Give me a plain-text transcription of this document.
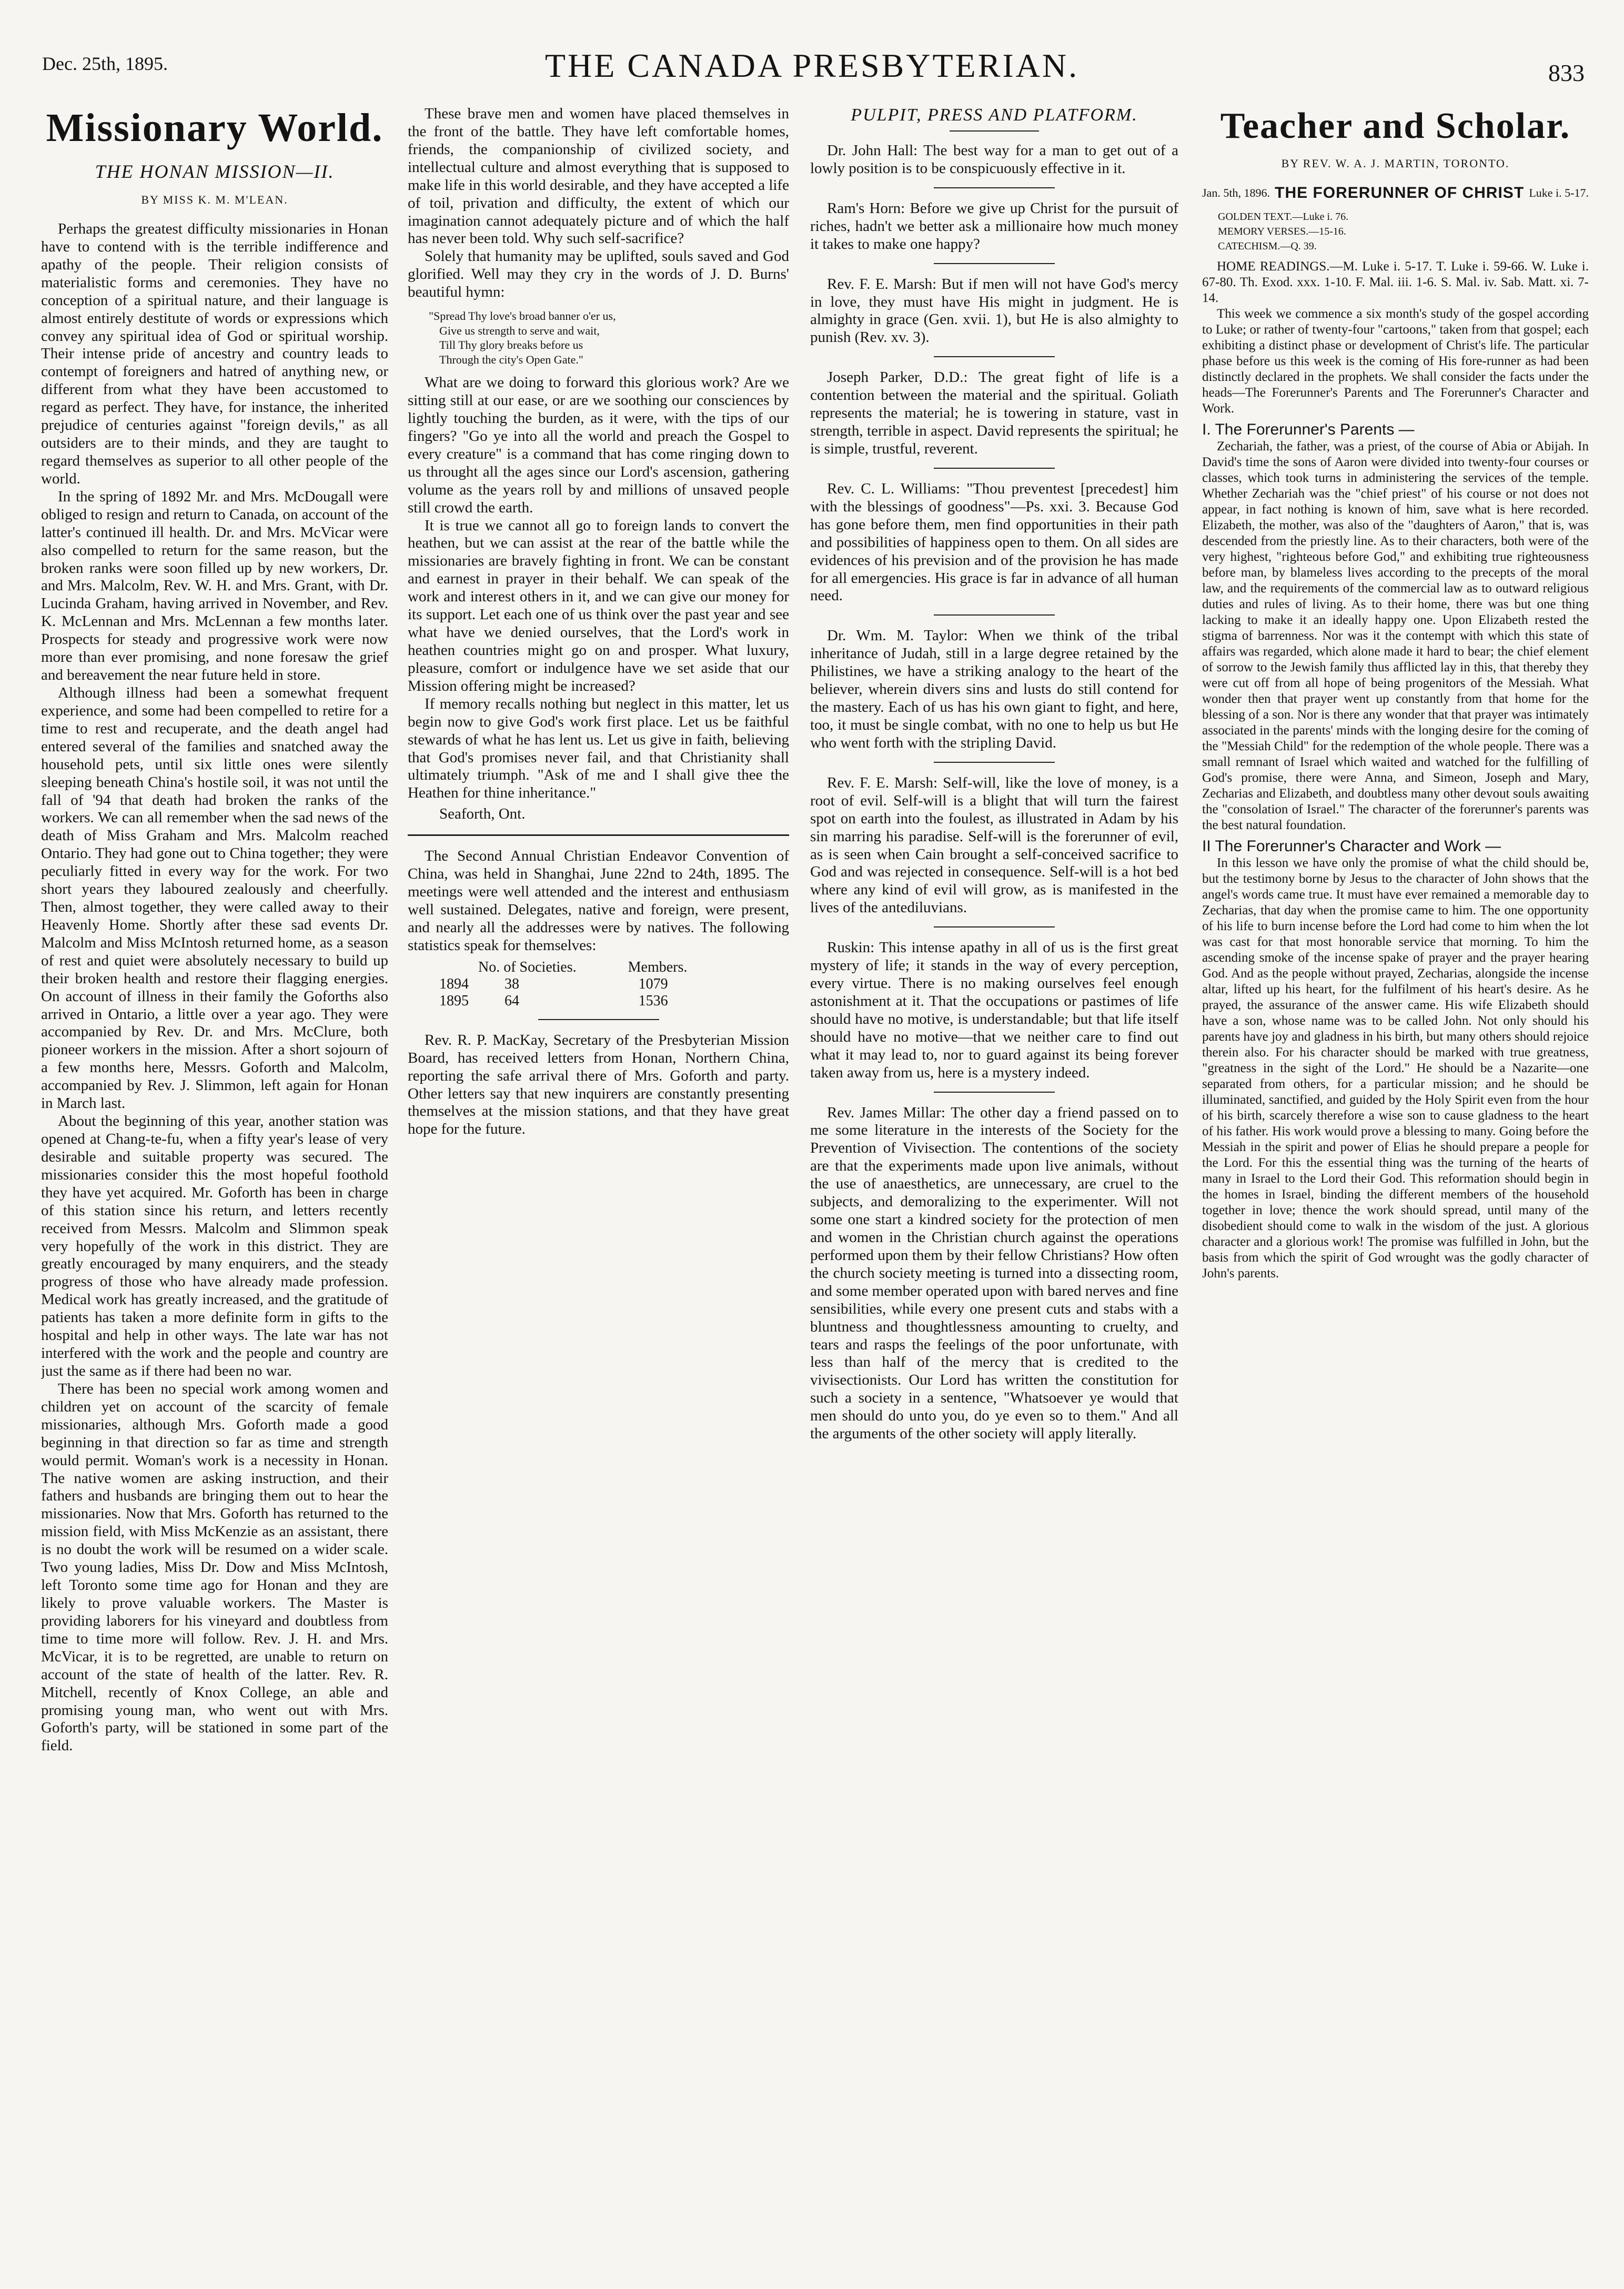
Dec. 25th, 1895.	THE CANADA PRESBYTERIAN.	833
Missionary World.
THE HONAN MISSION—II.
BY MISS K. M. M'LEAN.

Perhaps the greatest difficulty missionaries in Honan have to contend with is the terrible indifference and apathy of the people. Their religion consists of materialistic forms and ceremonies. They have no conception of a spiritual nature, and their language is almost entirely destitute of words or expressions which convey any spiritual idea of God or spiritual worship. Their intense pride of ancestry and country leads to contempt of foreigners and hatred of anything new, or different from what they have been accustomed to regard as perfect. They have, for instance, the inherited prejudice of centuries against "foreign devils," as all outsiders are to their minds, and they are taught to regard themselves as superior to all other people of the world.

In the spring of 1892 Mr. and Mrs. McDougall were obliged to resign and return to Canada, on account of the latter's continued ill health. Dr. and Mrs. McVicar were also compelled to return for the same reason, but the broken ranks were soon filled up by new workers, Dr. and Mrs. Malcolm, Rev. W. H. and Mrs. Grant, with Dr. Lucinda Graham, having arrived in November, and Rev. K. McLennan and Mrs. McLennan a few months later. Prospects for steady and progressive work were now more than ever promising, and none foresaw the grief and bereavement the near future held in store.

Although illness had been a somewhat frequent experience, and some had been compelled to retire for a time to rest and recuperate, and the death angel had entered several of the families and snatched away the household pets, until six little ones were silently sleeping beneath China's hostile soil, it was not until the fall of '94 that death had broken the ranks of the workers. We can all remember when the sad news of the death of Miss Graham and Mrs. Malcolm reached Ontario. They had gone out to China together; they were peculiarly fitted in every way for the work. For two short years they laboured zealously and cheerfully. Then, almost together, they were called away to their Heavenly Home. Shortly after these sad events Dr. Malcolm and Miss McIntosh returned home, as a season of rest and quiet were absolutely necessary to build up their broken health and restore their flagging energies. On account of illness in their family the Goforths also arrived in Ontario, a little over a year ago. They were accompanied by Rev. Dr. and Mrs. McClure, both pioneer workers in the mission. After a short sojourn of a few months here, Messrs. Goforth and Malcolm, accompanied by Rev. J. Slimmon, left again for Honan in March last.

About the beginning of this year, another station was opened at Chang-te-fu, when a fifty year's lease of very desirable and suitable property was secured. The missionaries consider this the most hopeful foothold they have yet acquired. Mr. Goforth has been in charge of this station since his return, and letters recently received from Messrs. Malcolm and Slimmon speak very hopefully of the work in this district. They are greatly encouraged by many enquirers, and the steady progress of those who have already made profession. Medical work has greatly increased, and the gratitude of patients has taken a more definite form in gifts to the hospital and help in other ways. The late war has not interfered with the work and the people and country are just the same as if there had been no war.

There has been no special work among women and children yet on account of the scarcity of female missionaries, although Mrs. Goforth made a good beginning in that direction so far as time and strength would permit. Woman's work is a necessity in Honan. The native women are asking instruction, and their fathers and husbands are bringing them out to hear the missionaries. Now that Mrs. Goforth has returned to the mission field, with Miss McKenzie as an assistant, there is no doubt the work will be resumed on a wider scale. Two young ladies, Miss Dr. Dow and Miss McIntosh, left Toronto some time ago for Honan and they are likely to prove valuable workers. The Master is providing laborers for his vineyard and doubtless from time to time more will follow. Rev. J. H. and Mrs. McVicar, it is to be regretted, are unable to return on account of the state of health of the latter. Rev. R. Mitchell, recently of Knox College, an able and promising young man, who went out with Mrs. Goforth's party, will be stationed in some part of the field.

These brave men and women have placed themselves in the front of the battle. They have left comfortable homes, friends, the companionship of civilized society, and intellectual culture and almost everything that is supposed to make life in this world desirable, and they have accepted a life of toil, privation and difficulty, the extent of which our imagination cannot adequately picture and of which the half has never been told. Why such self-sacrifice?

Solely that humanity may be uplifted, souls saved and God glorified. Well may they cry in the words of J. D. Burns' beautiful hymn:

"Spread Thy love's broad banner o'er us,
Give us strength to serve and wait,
Till Thy glory breaks before us
Through the city's Open Gate."

What are we doing to forward this glorious work? Are we sitting still at our ease, or are we soothing our consciences by lightly touching the burden, as it were, with the tips of our fingers? "Go ye into all the world and preach the Gospel to every creature" is a command that has come ringing down to us throught all the ages since our Lord's ascension, gathering volume as the years roll by and millions of unsaved people still crowd the earth.

It is true we cannot all go to foreign lands to convert the heathen, but we can assist at the rear of the battle while the missionaries are bravely fighting in front. We can be constant and earnest in prayer in their behalf. We can speak of the work and interest others in it, and we can give our money for its support. Let each one of us think over the past year and see what have we denied ourselves, that the Lord's work in heathen countries might go on and prosper. What luxury, pleasure, comfort or indulgence have we set aside that our Mission offering might be increased?

If memory recalls nothing but neglect in this matter, let us begin now to give God's work first place. Let us be faithful stewards of what he has lent us. Let us give in faith, believing that God's promises never fail, and that Christianity shall ultimately triumph. "Ask of me and I shall give thee the Heathen for thine inheritance."

Seaforth, Ont.

The Second Annual Christian Endeavor Convention of China, was held in Shanghai, June 22nd to 24th, 1895. The meetings were well attended and the interest and enthusiasm well sustained. Delegates, native and foreign, were present, and nearly all the addresses were by natives. The following statistics speak for themselves:

	No. of Societies.	Members.
1894	38	1079
1895	64	1536

Rev. R. P. MacKay, Secretary of the Presbyterian Mission Board, has received letters from Honan, Northern China, reporting the safe arrival there of Mrs. Goforth and party. Other letters say that new inquirers are constantly presenting themselves at the mission stations, and that they have great hope for the future.

PULPIT, PRESS AND PLATFORM.

Dr. John Hall: The best way for a man to get out of a lowly position is to be conspicuously effective in it.

Ram's Horn: Before we give up Christ for the pursuit of riches, hadn't we better ask a millionaire how much money it takes to make one happy?

Rev. F. E. Marsh: But if men will not have God's mercy in love, they must have His might in judgment. He is almighty in grace (Gen. xvii. 1), but He is also almighty to punish (Rev. xv. 3).

Joseph Parker, D.D.: The great fight of life is a contention between the material and the spiritual. Goliath represents the material; he is towering in stature, vast in strength, terrible in aspect. David represents the spiritual; he is simple, trustful, reverent.

Rev. C. L. Williams: "Thou preventest [precedest] him with the blessings of goodness"—Ps. xxi. 3. Because God has gone before them, men find opportunities in their path and possibilities of happiness open to them. On all sides are evidences of his prevision and of the provision he has made for all emergencies. His grace is far in advance of all human need.

Dr. Wm. M. Taylor: When we think of the tribal inheritance of Judah, still in a large degree retained by the Philistines, we have a striking analogy to the heart of the believer, wherein divers sins and lusts do still contend for the mastery. Each of us has his own giant to fight, and here, too, it must be single combat, with no one to help us but He who went forth with the stripling David.

Rev. F. E. Marsh: Self-will, like the love of money, is a root of evil. Self-will is a blight that will turn the fairest spot on earth into the foulest, as illustrated in Adam by his sin marring his paradise. Self-will is the forerunner of evil, as is seen when Cain brought a self-conceived sacrifice to God and was rejected in consequence. Self-will is a hot bed where any kind of evil will grow, as is manifested in the lives of the antediluvians.

Ruskin: This intense apathy in all of us is the first great mystery of life; it stands in the way of every perception, every virtue. There is no making ourselves feel enough astonishment at it. That the occupations or pastimes of life should have no motive, is understandable; but that life itself should have no motive—that we neither care to find out what it may lead to, nor to guard against its being forever taken away from us, here is a mystery indeed.

Rev. James Millar: The other day a friend passed on to me some literature in the interests of the Society for the Prevention of Vivisection. The contentions of the society are that the experiments made upon live animals, without the use of anaesthetics, are unnecessary, are cruel to the subjects, and demoralizing to the experimenter. Will not some one start a kindred society for the protection of men and women in the Christian church against the operations performed upon them by their fellow Christians? How often the church society meeting is turned into a dissecting room, and some member operated upon with bared nerves and fine sensibilities, while every one present cuts and stabs with a bluntness and thoughtlessness amounting to cruelty, and tears and rasps the feelings of the poor unfortunate, with less than half of the mercy that is credited to the vivisectionists. Our Lord has written the constitution for such a society in a sentence, "Whatsoever ye would that men should do unto you, do ye even so to them." And all the arguments of the other society will apply literally.

Teacher and Scholar.
BY REV. W. A. J. MARTIN, TORONTO.
Jan. 5th, 1896. THE FORERUNNER OF CHRIST Luke i. 5-17.
GOLDEN TEXT.—Luke i. 76.
MEMORY VERSES.—15-16.
CATECHISM.—Q. 39.

HOME READINGS.—M. Luke i. 5-17. T. Luke i. 59-66. W. Luke i. 67-80. Th. Exod. xxx. 1-10. F. Mal. iii. 1-6. S. Mal. iv. Sab. Matt. xi. 7-14.

This week we commence a six month's study of the gospel according to Luke; or rather of twenty-four "cartoons," taken from that gospel; each exhibiting a distinct phase or development of Christ's life. The particular phase before us this week is the coming of His fore-runner as had been distinctly declared in the prophets. We shall consider the facts under the heads—The Forerunner's Parents and The Forerunner's Character and Work.

I. The Forerunner's Parents —

Zechariah, the father, was a priest, of the course of Abia or Abijah. In David's time the sons of Aaron were divided into twenty-four courses or classes, which took turns in administering the services of the temple. Whether Zechariah was the "chief priest" of his course or not does not appear, in fact nothing is known of him, save what is here recorded. Elizabeth, the mother, was also of the "daughters of Aaron," that is, was descended from the priestly line. As to their characters, both were of the very highest, "righteous before God," and exhibiting true righteousness before man, by blameless lives according to the precepts of the moral law, and the requirements of the commercial law as to outward religious duties and rules of living. As to their home, there was but one thing lacking to make it an ideally happy one. Upon Elizabeth rested the stigma of barrenness. Nor was it the contempt with which this state of affairs was regarded, which alone made it hard to bear; the chief element of sorrow to the Jewish family thus afflicted lay in this, that thereby they were cut off from all hope of being progenitors of the Messiah. What wonder then that prayer went up constantly from that home for the blessing of a son. Nor is there any wonder that that prayer was intimately associated in the parents' minds with the longing desire for the coming of the "Messiah Child" for the redemption of the whole people. There was a small remnant of Israel which waited and watched for the fulfilling of God's promise, there were Anna, and Simeon, Joseph and Mary, Zecharias and Elizabeth, and doubtless many other devout souls awaiting the "consolation of Israel." The character of the forerunner's parents was the best natural foundation.

II The Forerunner's Character and Work —

In this lesson we have only the promise of what the child should be, but the testimony borne by Jesus to the character of John shows that the angel's words came true. It must have ever remained a memorable day to Zecharias, that day when the promise came to him. The one opportunity of his life to burn incense before the Lord had come to him when the lot was cast for that most honorable service that morning. To him the ascending smoke of the incense spake of prayer and the prayer hearing God. And as the people without prayed, Zecharias, alongside the incense altar, lifted up his heart, for the fulfilment of his heart's desire. As he prayed, the assurance of the answer came. His wife Elizabeth should have a son, whose name was to be called John. Not only should his parents have joy and gladness in his birth, but many others should rejoice therein also. For his character should be marked with true greatness, "greatness in the sight of the Lord." He should be a Nazarite—one separated from others, for a particular mission; and he should be illuminated, sanctified, and guided by the Holy Spirit even from the hour of his birth, scarcely therefore a wise son to cause gladness to the heart of his father. His work would prove a blessing to many. Going before the Messiah in the spirit and power of Elias he should prepare a people for the Lord. For this the essential thing was the turning of the hearts of many in Israel to the Lord their God. This reformation should begin in the homes in Israel, binding the different members of the household together in love; thence the work should spread, until many of the disobedient should come to walk in the wisdom of the just. A glorious character and a glorious work! The promise was fulfilled in John, but the basis from which the spirit of God wrought was the godly character of John's parents.
